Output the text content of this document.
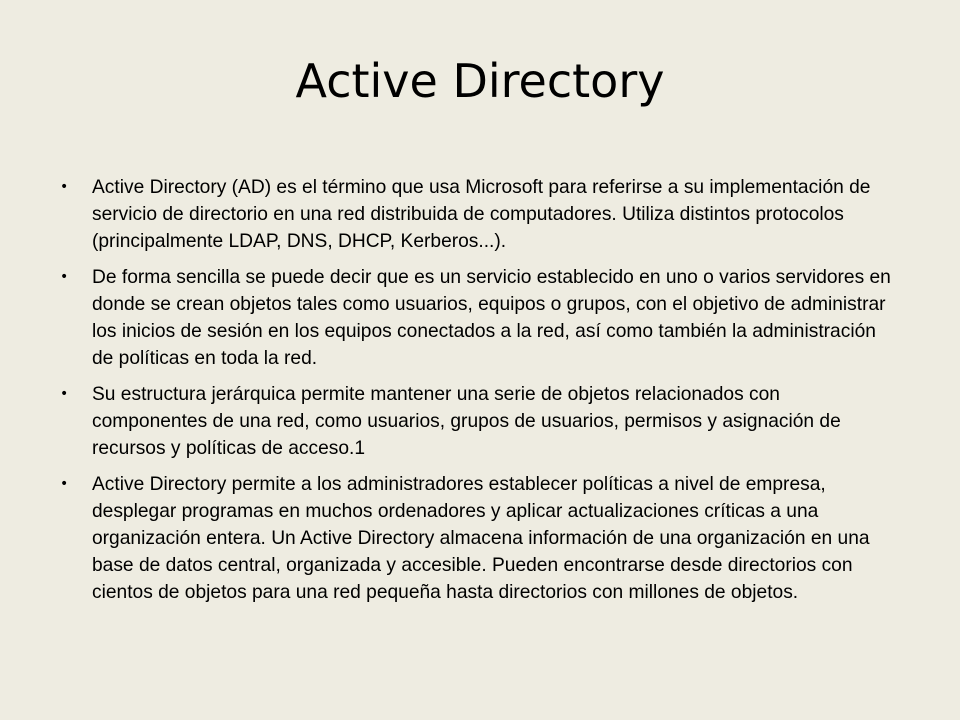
Active Directory
• Active Directory (AD) es el término que usa Microsoft para referirse a su implementación de servicio de directorio en una red distribuida de computadores. Utiliza distintos protocolos (principalmente LDAP, DNS, DHCP, Kerberos...).
• De forma sencilla se puede decir que es un servicio establecido en uno o varios servidores en donde se crean objetos tales como usuarios, equipos o grupos, con el objetivo de administrar los inicios de sesión en los equipos conectados a la red, así como también la administración de políticas en toda la red.
• Su estructura jerárquica permite mantener una serie de objetos relacionados con componentes de una red, como usuarios, grupos de usuarios, permisos y asignación de recursos y políticas de acceso.1
• Active Directory permite a los administradores establecer políticas a nivel de empresa, desplegar programas en muchos ordenadores y aplicar actualizaciones críticas a una organización entera. Un Active Directory almacena información de una organización en una base de datos central, organizada y accesible. Pueden encontrarse desde directorios con cientos de objetos para una red pequeña hasta directorios con millones de objetos.
